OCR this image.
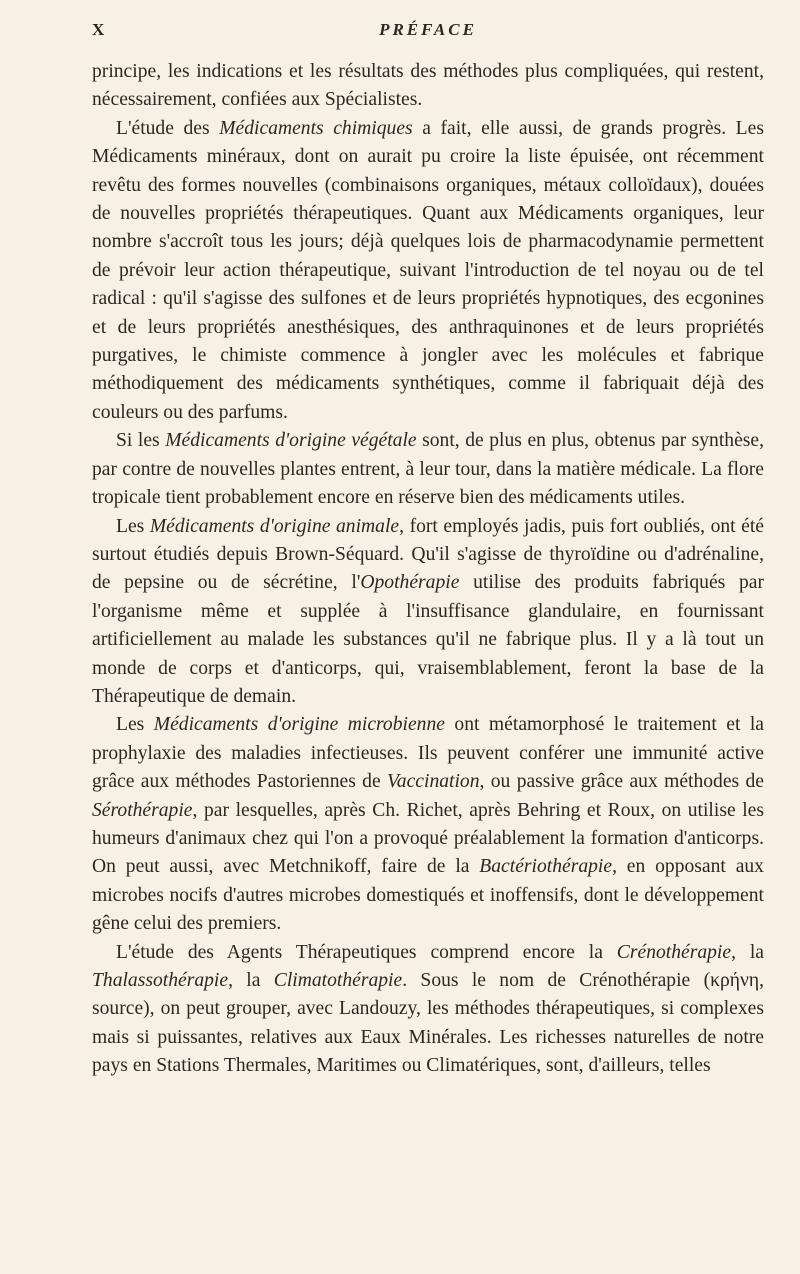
X	PRÉFACE

principe, les indications et les résultats des méthodes plus compliquées, qui restent, nécessairement, confiées aux Spécialistes.

L'étude des Médicaments chimiques a fait, elle aussi, de grands progrès. Les Médicaments minéraux, dont on aurait pu croire la liste épuisée, ont récemment revêtu des formes nouvelles (combinaisons organiques, métaux colloïdaux), douées de nouvelles propriétés thérapeutiques. Quant aux Médicaments organiques, leur nombre s'accroît tous les jours; déjà quelques lois de pharmacodynamie permettent de prévoir leur action thérapeutique, suivant l'introduction de tel noyau ou de tel radical : qu'il s'agisse des sulfones et de leurs propriétés hypnotiques, des ecgonines et de leurs propriétés anesthésiques, des anthraquinones et de leurs propriétés purgatives, le chimiste commence à jongler avec les molécules et fabrique méthodiquement des médicaments synthétiques, comme il fabriquait déjà des couleurs ou des parfums.

Si les Médicaments d'origine végétale sont, de plus en plus, obtenus par synthèse, par contre de nouvelles plantes entrent, à leur tour, dans la matière médicale. La flore tropicale tient probablement encore en réserve bien des médicaments utiles.

Les Médicaments d'origine animale, fort employés jadis, puis fort oubliés, ont été surtout étudiés depuis Brown-Séquard. Qu'il s'agisse de thyroïdine ou d'adrénaline, de pepsine ou de sécrétine, l'Opothérapie utilise des produits fabriqués par l'organisme même et supplée à l'insuffisance glandulaire, en fournissant artificiellement au malade les substances qu'il ne fabrique plus. Il y a là tout un monde de corps et d'anticorps, qui, vraisemblablement, feront la base de la Thérapeutique de demain.

Les Médicaments d'origine microbienne ont métamorphosé le traitement et la prophylaxie des maladies infectieuses. Ils peuvent conférer une immunité active grâce aux méthodes Pastoriennes de Vaccination, ou passive grâce aux méthodes de Sérothérapie, par lesquelles, après Ch. Richet, après Behring et Roux, on utilise les humeurs d'animaux chez qui l'on a provoqué préalablement la formation d'anticorps. On peut aussi, avec Metchnikoff, faire de la Bactériothérapie, en opposant aux microbes nocifs d'autres microbes domestiqués et inoffensifs, dont le développement gêne celui des premiers.

L'étude des Agents Thérapeutiques comprend encore la Crénothérapie, la Thalassothérapie, la Climatothérapie. Sous le nom de Crénothérapie (κρήνη, source), on peut grouper, avec Landouzy, les méthodes thérapeutiques, si complexes mais si puissantes, relatives aux Eaux Minérales. Les richesses naturelles de notre pays en Stations Thermales, Maritimes ou Climatériques, sont, d'ailleurs, telles
